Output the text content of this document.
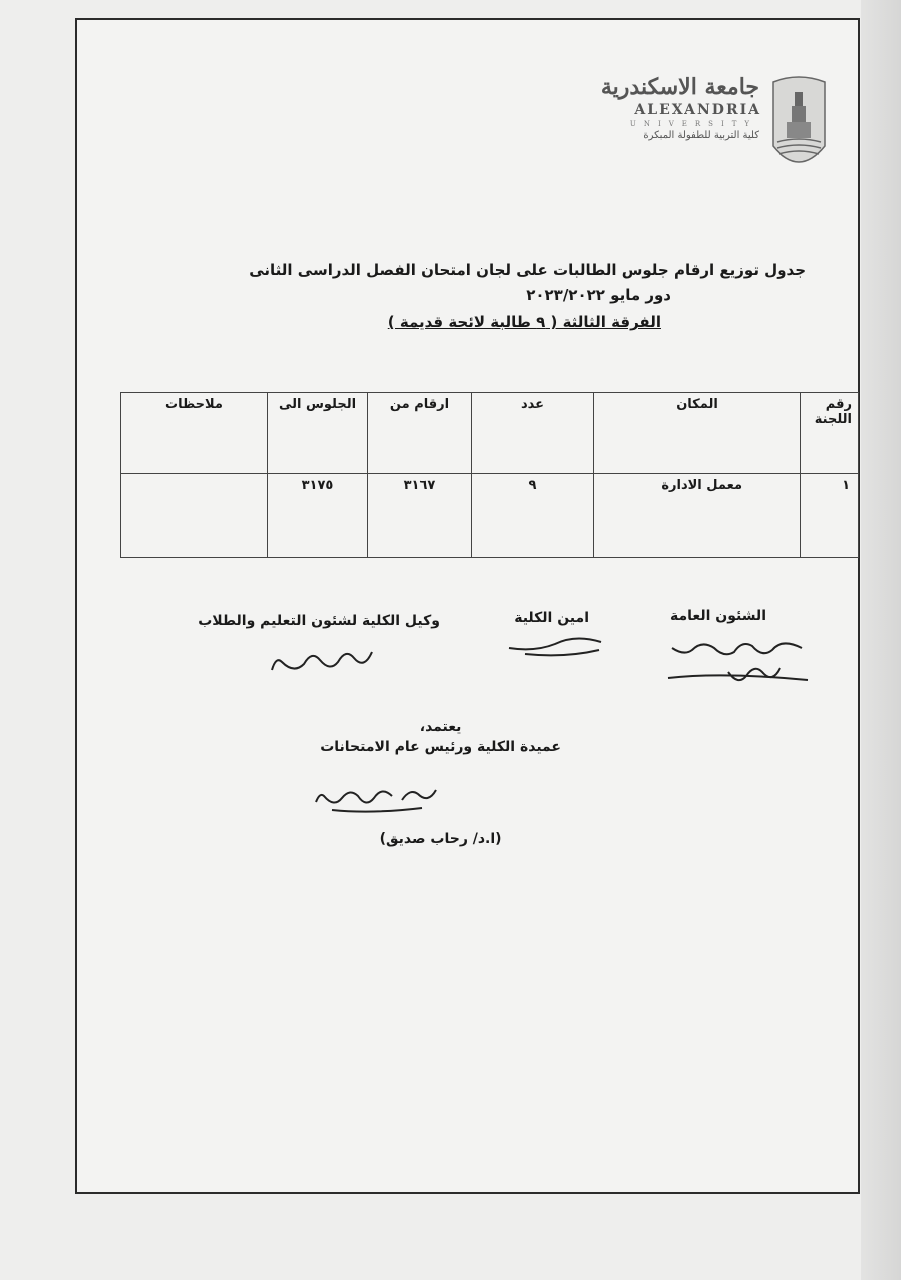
جامعة الاسكندرية
ALEXANDRIA
UNIVERSITY
كلية التربية للطفولة المبكرة
جدول توزيع ارقام جلوس الطالبات على لجان امتحان الفصل الدراسى الثانى
دور مايو ٢٠٢٣/٢٠٢٢
الفرقة الثالثة ( ٩ طالبة لائحة قديمة )
رقم اللجنة	المكان	عدد	ارقام من	الجلوس الى	ملاحظات
١	معمل الادارة	٩	٣١٦٧	٣١٧٥	
الشئون العامة
امين الكلية
وكيل الكلية لشئون التعليم والطلاب
يعتمد،
عميدة الكلية ورئيس عام الامتحانات
(ا.د/ رحاب صديق)
